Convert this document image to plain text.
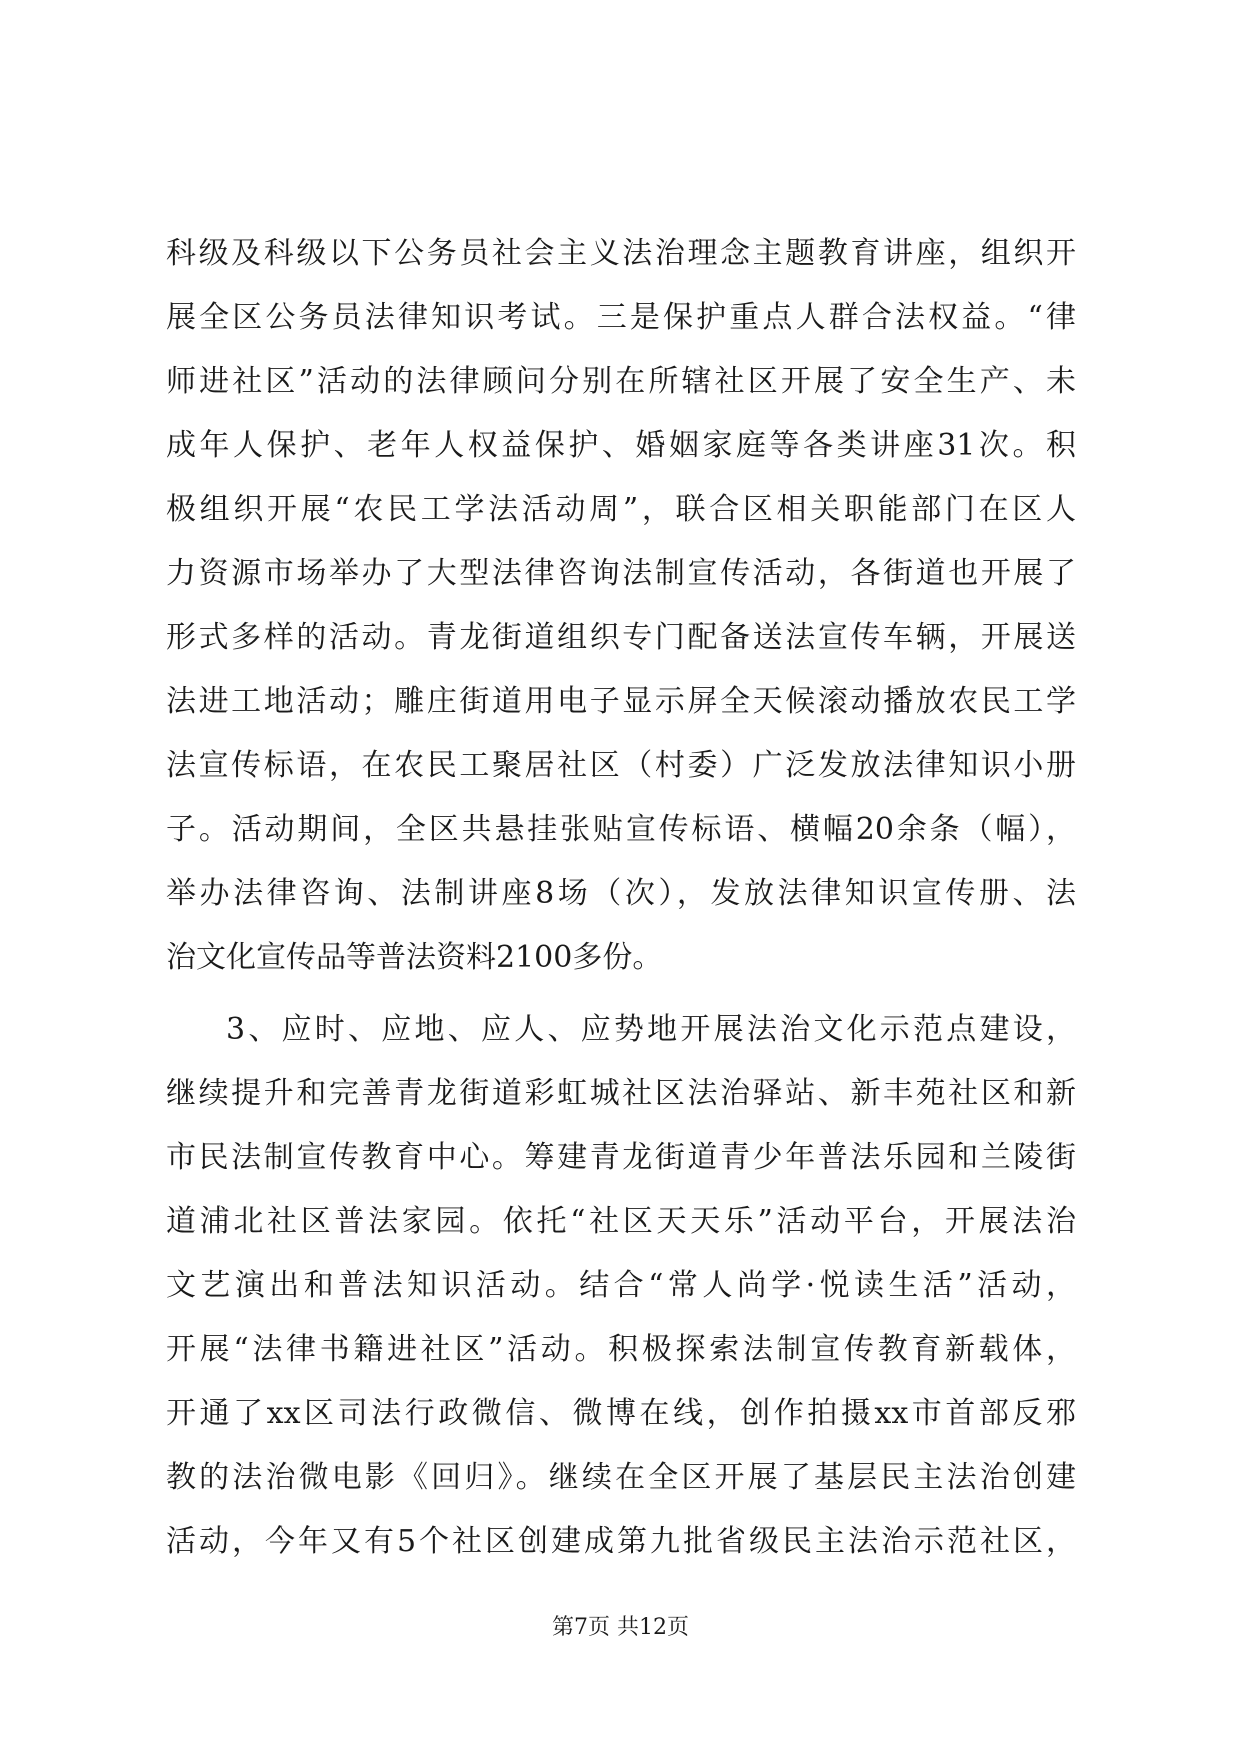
科级及科级以下公务员社会主义法治理念主题教育讲座，组织开
展全区公务员法律知识考试。三是保护重点人群合法权益。“律
师进社区”活动的法律顾问分别在所辖社区开展了安全生产、未
成年人保护、老年人权益保护、婚姻家庭等各类讲座31次。积
极组织开展“农民工学法活动周”，联合区相关职能部门在区人
力资源市场举办了大型法律咨询法制宣传活动，各街道也开展了
形式多样的活动。青龙街道组织专门配备送法宣传车辆，开展送
法进工地活动；雕庄街道用电子显示屏全天候滚动播放农民工学
法宣传标语，在农民工聚居社区（村委）广泛发放法律知识小册
子。活动期间，全区共悬挂张贴宣传标语、横幅20余条（幅），
举办法律咨询、法制讲座8场（次），发放法律知识宣传册、法
治文化宣传品等普法资料2100多份。
3、应时、应地、应人、应势地开展法治文化示范点建设，
继续提升和完善青龙街道彩虹城社区法治驿站、新丰苑社区和新
市民法制宣传教育中心。筹建青龙街道青少年普法乐园和兰陵街
道浦北社区普法家园。依托“社区天天乐”活动平台，开展法治
文艺演出和普法知识活动。结合“常人尚学·悦读生活”活动，
开展“法律书籍进社区”活动。积极探索法制宣传教育新载体，
开通了xx区司法行政微信、微博在线，创作拍摄xx市首部反邪
教的法治微电影《回归》。继续在全区开展了基层民主法治创建
活动，今年又有5个社区创建成第九批省级民主法治示范社区，
第7页 共12页
